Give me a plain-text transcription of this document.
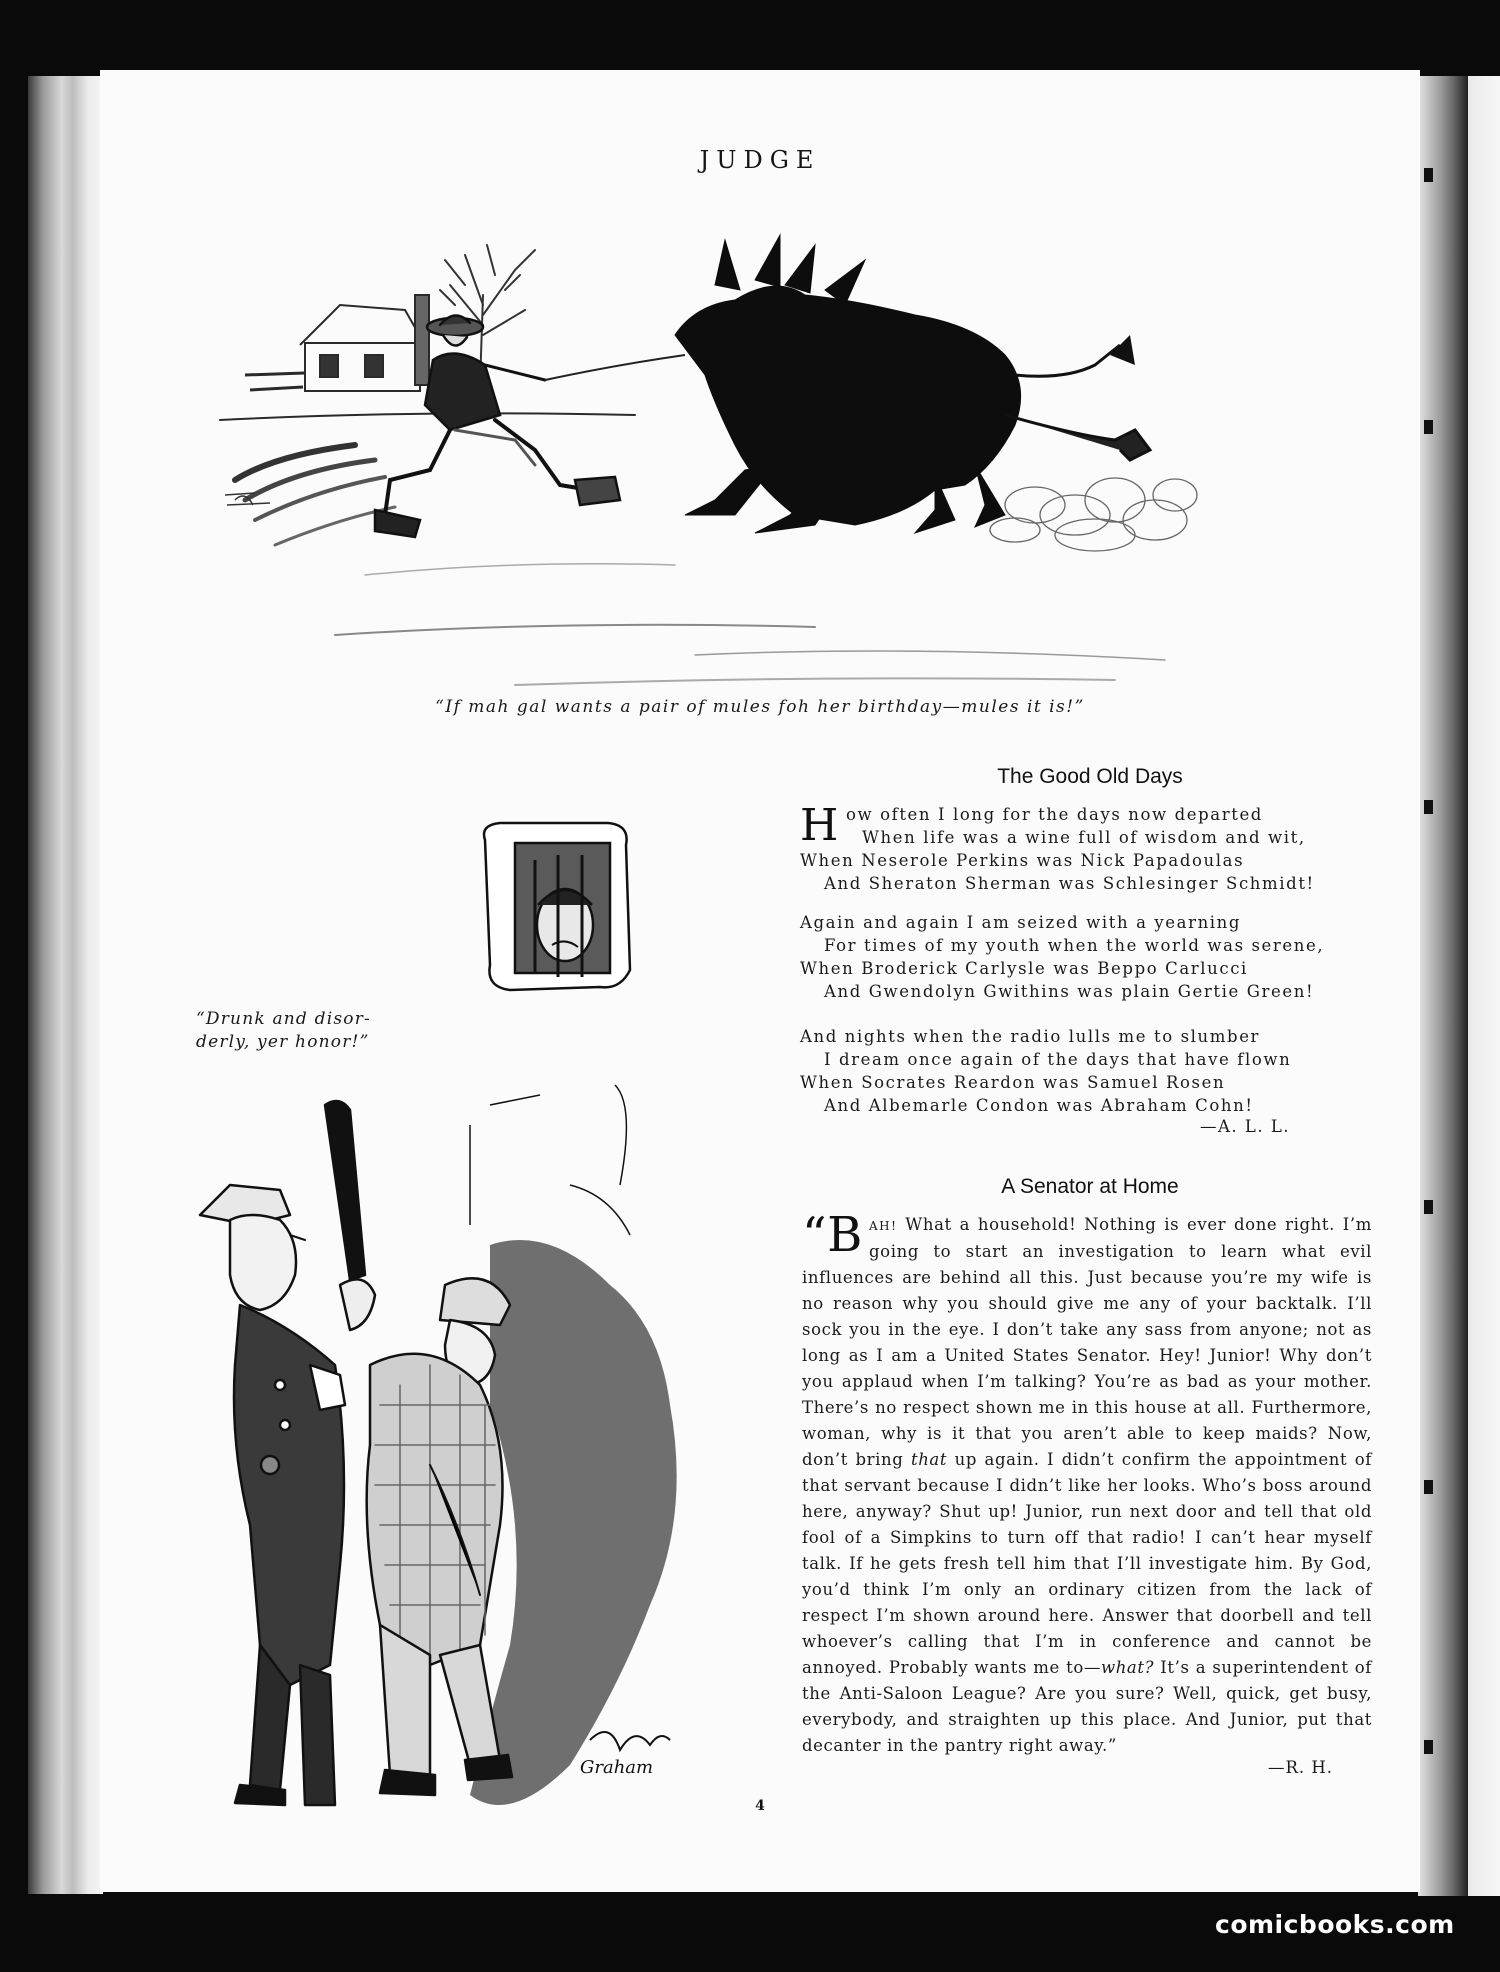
JUDGE

“If mah gal wants a pair of mules foh her birthday—mules it is!”

Graham

“Drunk and disor-
derly, yer honor!”

The Good Old Days
H ow often I long for the days now departed
When life was a wine full of wisdom and wit,
When Neserole Perkins was Nick Papadoulas
And Sheraton Sherman was Schlesinger Schmidt!
Again and again I am seized with a yearning
For times of my youth when the world was serene,
When Broderick Carlysle was Beppo Carlucci
And Gwendolyn Gwithins was plain Gertie Green!
And nights when the radio lulls me to slumber
I dream once again of the days that have flown
When Socrates Reardon was Samuel Rosen
And Albemarle Condon was Abraham Cohn!
—A. L. L.
A Senator at Home

“B AH! What a household! Nothing is ever done right. I’m going to start an investigation to learn what evil influences are behind all this. Just because you’re my wife is no reason why you should give me any of your backtalk. I’ll sock you in the eye. I don’t take any sass from anyone; not as long as I am a United States Senator. Hey! Junior! Why don’t you applaud when I’m talking? You’re as bad as your mother. There’s no respect shown me in this house at all. Furthermore, woman, why is it that you aren’t able to keep maids? Now, don’t bring that up again. I didn’t confirm the appointment of that servant because I didn’t like her looks. Who’s boss around here, anyway? Shut up! Junior, run next door and tell that old fool of a Simpkins to turn off that radio! I can’t hear myself talk. If he gets fresh tell him that I’ll investigate him. By God, you’d think I’m only an ordinary citizen from the lack of respect I’m shown around here. Answer that doorbell and tell whoever’s calling that I’m in conference and cannot be annoyed. Probably wants me to—what? It’s a superintendent of the Anti-Saloon League? Are you sure? Well, quick, get busy, everybody, and straighten up this place. And Junior, put that decanter in the pantry right away.”

—R. H.
4
comicbooks.com
